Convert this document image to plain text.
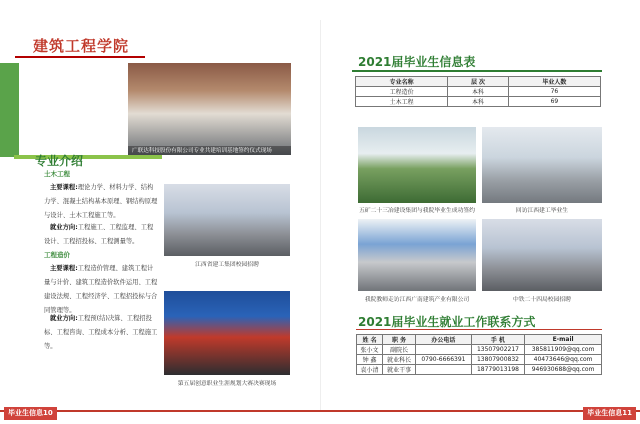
建筑工程学院
广联达科技股份有限公司专业共建培训基地签约仪式现场
专业介绍
土木工程
主要课程:理论力学、材料力学、结构力学、混凝土结构基本原理、钢结构原理与设计、土木工程施工等。
就业方向:工程施工、工程监理、工程设计、工程招投标、工程测量等。
工程造价
主要课程:工程造价管理、建筑工程计量与计价、建筑工程造价软件运用、工程建设法规、工程经济学、工程招投标与合同管理等。
就业方向:工程预(结)决算、工程招投标、工程咨询、工程成本分析、工程施工等。
江西省建工集团校园招聘
第五届创意职业生涯规划大赛决赛现场
毕业生信息10
2021届毕业生信息表
专业名称	层 次	毕业人数
工程造价	本科	76
土木工程	本科	69
五矿二十三冶建设集团与我院毕业生成功签约	回访江西建工毕业生
我院教师走访江西广南建筑产业有限公司	中铁二十四局校园招聘
2021届毕业生就业工作联系方式
姓 名	职 务	办公电话	手 机	E-mail
张小文	副院长		13507902217	385811909@qq.com
钟 鑫	就业科长	0790-6666391	13807900832	40473646@qq.com
袁小清	就业干事		18779013198	946930688@qq.com
毕业生信息11
